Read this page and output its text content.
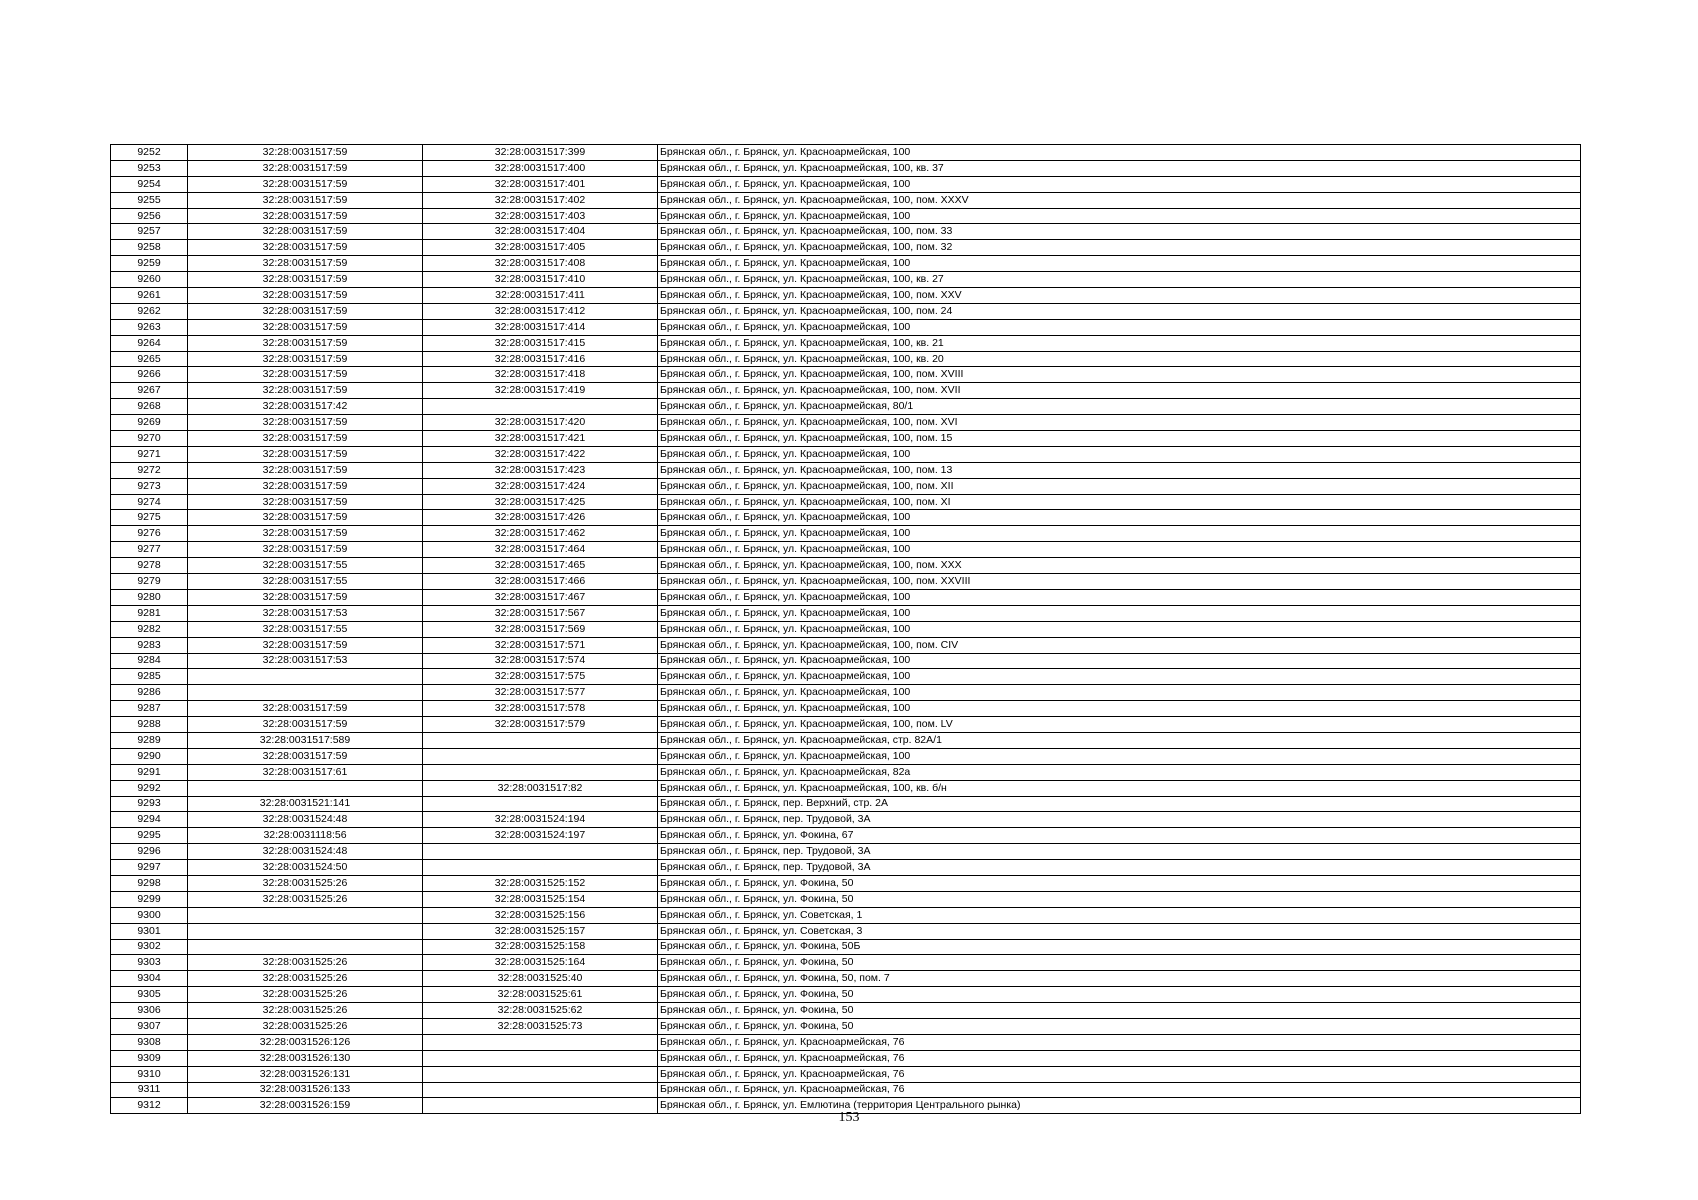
9252	32:28:0031517:59	32:28:0031517:399	Брянская обл., г. Брянск, ул. Красноармейская, 100
9253	32:28:0031517:59	32:28:0031517:400	Брянская обл., г. Брянск, ул. Красноармейская, 100, кв. 37
9254	32:28:0031517:59	32:28:0031517:401	Брянская обл., г. Брянск, ул. Красноармейская, 100
9255	32:28:0031517:59	32:28:0031517:402	Брянская обл., г. Брянск, ул. Красноармейская, 100, пом. XXXV
9256	32:28:0031517:59	32:28:0031517:403	Брянская обл., г. Брянск, ул. Красноармейская, 100
9257	32:28:0031517:59	32:28:0031517:404	Брянская обл., г. Брянск, ул. Красноармейская, 100, пом. 33
9258	32:28:0031517:59	32:28:0031517:405	Брянская обл., г. Брянск, ул. Красноармейская, 100, пом. 32
9259	32:28:0031517:59	32:28:0031517:408	Брянская обл., г. Брянск, ул. Красноармейская, 100
9260	32:28:0031517:59	32:28:0031517:410	Брянская обл., г. Брянск, ул. Красноармейская, 100, кв. 27
9261	32:28:0031517:59	32:28:0031517:411	Брянская обл., г. Брянск, ул. Красноармейская, 100, пом. XXV
9262	32:28:0031517:59	32:28:0031517:412	Брянская обл., г. Брянск, ул. Красноармейская, 100, пом. 24
9263	32:28:0031517:59	32:28:0031517:414	Брянская обл., г. Брянск, ул. Красноармейская, 100
9264	32:28:0031517:59	32:28:0031517:415	Брянская обл., г. Брянск, ул. Красноармейская, 100, кв. 21
9265	32:28:0031517:59	32:28:0031517:416	Брянская обл., г. Брянск, ул. Красноармейская, 100, кв. 20
9266	32:28:0031517:59	32:28:0031517:418	Брянская обл., г. Брянск, ул. Красноармейская, 100, пом. XVIII
9267	32:28:0031517:59	32:28:0031517:419	Брянская обл., г. Брянск, ул. Красноармейская, 100, пом. XVII
9268	32:28:0031517:42		Брянская обл., г. Брянск, ул. Красноармейская, 80/1
9269	32:28:0031517:59	32:28:0031517:420	Брянская обл., г. Брянск, ул. Красноармейская, 100, пом. XVI
9270	32:28:0031517:59	32:28:0031517:421	Брянская обл., г. Брянск, ул. Красноармейская, 100, пом. 15
9271	32:28:0031517:59	32:28:0031517:422	Брянская обл., г. Брянск, ул. Красноармейская, 100
9272	32:28:0031517:59	32:28:0031517:423	Брянская обл., г. Брянск, ул. Красноармейская, 100, пом. 13
9273	32:28:0031517:59	32:28:0031517:424	Брянская обл., г. Брянск, ул. Красноармейская, 100, пом. XII
9274	32:28:0031517:59	32:28:0031517:425	Брянская обл., г. Брянск, ул. Красноармейская, 100, пом. XI
9275	32:28:0031517:59	32:28:0031517:426	Брянская обл., г. Брянск, ул. Красноармейская, 100
9276	32:28:0031517:59	32:28:0031517:462	Брянская обл., г. Брянск, ул. Красноармейская, 100
9277	32:28:0031517:59	32:28:0031517:464	Брянская обл., г. Брянск, ул. Красноармейская, 100
9278	32:28:0031517:55	32:28:0031517:465	Брянская обл., г. Брянск, ул. Красноармейская, 100, пом. XXX
9279	32:28:0031517:55	32:28:0031517:466	Брянская обл., г. Брянск, ул. Красноармейская, 100, пом. XXVIII
9280	32:28:0031517:59	32:28:0031517:467	Брянская обл., г. Брянск, ул. Красноармейская, 100
9281	32:28:0031517:53	32:28:0031517:567	Брянская обл., г. Брянск, ул. Красноармейская, 100
9282	32:28:0031517:55	32:28:0031517:569	Брянская обл., г. Брянск, ул. Красноармейская, 100
9283	32:28:0031517:59	32:28:0031517:571	Брянская обл., г. Брянск, ул. Красноармейская, 100, пом. CIV
9284	32:28:0031517:53	32:28:0031517:574	Брянская обл., г. Брянск, ул. Красноармейская, 100
9285		32:28:0031517:575	Брянская обл., г. Брянск, ул. Красноармейская, 100
9286		32:28:0031517:577	Брянская обл., г. Брянск, ул. Красноармейская, 100
9287	32:28:0031517:59	32:28:0031517:578	Брянская обл., г. Брянск, ул. Красноармейская, 100
9288	32:28:0031517:59	32:28:0031517:579	Брянская обл., г. Брянск, ул. Красноармейская, 100, пом. LV
9289	32:28:0031517:589		Брянская обл., г. Брянск, ул. Красноармейская, стр. 82А/1
9290	32:28:0031517:59		Брянская обл., г. Брянск, ул. Красноармейская, 100
9291	32:28:0031517:61		Брянская обл., г. Брянск, ул. Красноармейская, 82а
9292		32:28:0031517:82	Брянская обл., г. Брянск, ул. Красноармейская, 100, кв. б/н
9293	32:28:0031521:141		Брянская обл., г. Брянск, пер. Верхний, стр. 2А
9294	32:28:0031524:48	32:28:0031524:194	Брянская обл., г. Брянск, пер. Трудовой, 3А
9295	32:28:0031118:56	32:28:0031524:197	Брянская обл., г. Брянск, ул. Фокина, 67
9296	32:28:0031524:48		Брянская обл., г. Брянск, пер. Трудовой, 3А
9297	32:28:0031524:50		Брянская обл., г. Брянск, пер. Трудовой, 3А
9298	32:28:0031525:26	32:28:0031525:152	Брянская обл., г. Брянск, ул. Фокина, 50
9299	32:28:0031525:26	32:28:0031525:154	Брянская обл., г. Брянск, ул. Фокина, 50
9300		32:28:0031525:156	Брянская обл., г. Брянск, ул. Советская, 1
9301		32:28:0031525:157	Брянская обл., г. Брянск, ул. Советская, 3
9302		32:28:0031525:158	Брянская обл., г. Брянск, ул. Фокина, 50Б
9303	32:28:0031525:26	32:28:0031525:164	Брянская обл., г. Брянск, ул. Фокина, 50
9304	32:28:0031525:26	32:28:0031525:40	Брянская обл., г. Брянск, ул. Фокина, 50, пом. 7
9305	32:28:0031525:26	32:28:0031525:61	Брянская обл., г. Брянск, ул. Фокина, 50
9306	32:28:0031525:26	32:28:0031525:62	Брянская обл., г. Брянск, ул. Фокина, 50
9307	32:28:0031525:26	32:28:0031525:73	Брянская обл., г. Брянск, ул. Фокина, 50
9308	32:28:0031526:126		Брянская обл., г. Брянск, ул. Красноармейская, 76
9309	32:28:0031526:130		Брянская обл., г. Брянск, ул. Красноармейская, 76
9310	32:28:0031526:131		Брянская обл., г. Брянск, ул. Красноармейская, 76
9311	32:28:0031526:133		Брянская обл., г. Брянск, ул. Красноармейская, 76
9312	32:28:0031526:159		Брянская обл., г. Брянск, ул. Емлютина (территория Центрального рынка)
153
